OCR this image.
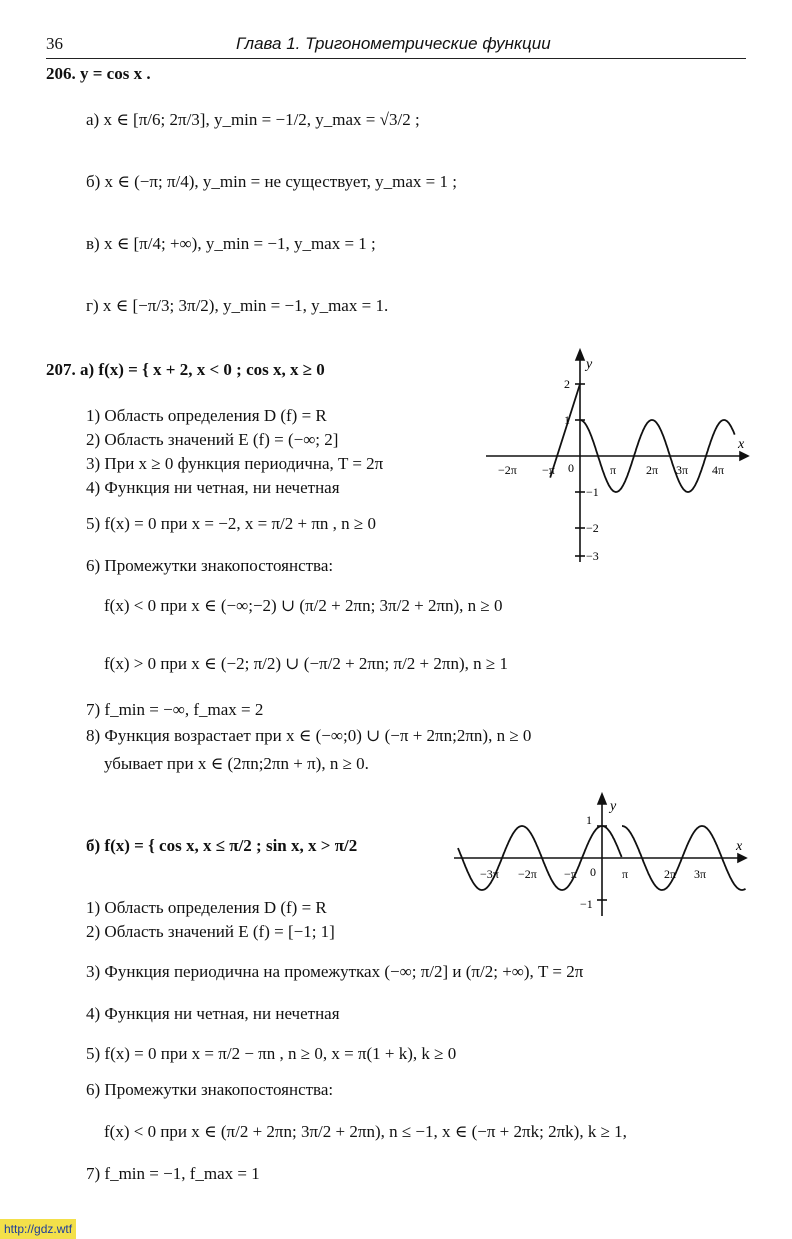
36	Глава 1. Тригонометрические функции
206. y = cos x .
а) x ∈ [π/6; 2π/3], y_min = −1/2, y_max = √3/2 ;
б) x ∈ (−π; π/4), y_min = не существует, y_max = 1 ;
в) x ∈ [π/4; +∞), y_min = −1, y_max = 1 ;
г) x ∈ [−π/3; 3π/2), y_min = −1, y_max = 1.
207. а) f(x) = { x + 2, x < 0 ; cos x, x ≥ 0
1) Область определения D (f) = R
2) Область значений E (f) = (−∞; 2]
3) При x ≥ 0 функция периодична, T = 2π
4) Функция ни четная, ни нечетная
5) f(x) = 0 при x = −2, x = π/2 + πn , n ≥ 0
6) Промежутки знакопостоянства:
f(x) < 0 при x ∈ (−∞;−2) ∪ (π/2 + 2πn; 3π/2 + 2πn), n ≥ 0
f(x) > 0 при x ∈ (−2; π/2) ∪ (−π/2 + 2πn; π/2 + 2πn), n ≥ 1
7) f_min = −∞, f_max = 2
8) Функция возрастает при x ∈ (−∞;0) ∪ (−π + 2πn;2πn), n ≥ 0
убывает при x ∈ (2πn;2πn + π), n ≥ 0.
y
x
−2π −π 0	π 2π 3π 4π
2
1
−1
−2
−3
б) f(x) = { cos x, x ≤ π/2 ; sin x, x > π/2
1) Область определения D (f) = R
2) Область значений E (f) = [−1; 1]
3) Функция периодична на промежутках (−∞; π/2] и (π/2; +∞), T = 2π
4) Функция ни четная, ни нечетная
5) f(x) = 0 при x = π/2 − πn , n ≥ 0, x = π(1 + k), k ≥ 0
6) Промежутки знакопостоянства:
f(x) < 0 при x ∈ (π/2 + 2πn; 3π/2 + 2πn), n ≤ −1, x ∈ (−π + 2πk; 2πk), k ≥ 1,
7) f_min = −1, f_max = 1
y
x
−3π −2π −π 0 π	2π 3π
1
−1
http://gdz.wtf
